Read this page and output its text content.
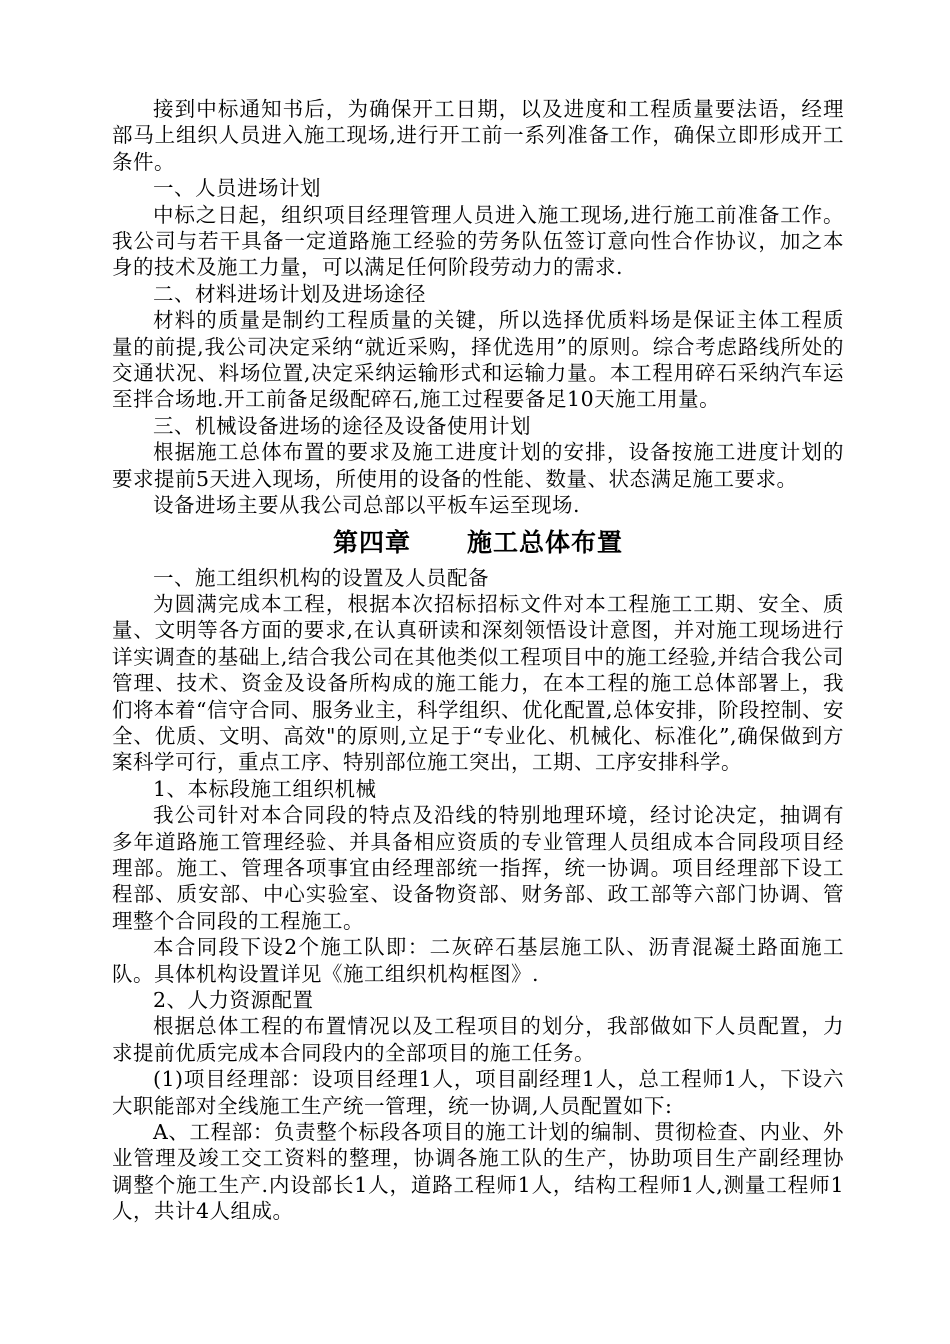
接到中标通知书后，为确保开工日期，以及进度和工程质量要法语，经理部马上组织人员进入施工现场,进行开工前一系列准备工作，确保立即形成开工条件。

一、人员进场计划

中标之日起，组织项目经理管理人员进入施工现场,进行施工前准备工作。我公司与若干具备一定道路施工经验的劳务队伍签订意向性合作协议，加之本身的技术及施工力量，可以满足任何阶段劳动力的需求.

二、材料进场计划及进场途径

材料的质量是制约工程质量的关键，所以选择优质料场是保证主体工程质量的前提,我公司决定采纳“就近采购，择优选用”的原则。综合考虑路线所处的交通状况、料场位置,决定采纳运输形式和运输力量。本工程用碎石采纳汽车运至拌合场地.开工前备足级配碎石,施工过程要备足10天施工用量。

三、机械设备进场的途径及设备使用计划

根据施工总体布置的要求及施工进度计划的安排，设备按施工进度计划的要求提前5天进入现场，所使用的设备的性能、数量、状态满足施工要求。

设备进场主要从我公司总部以平板车运至现场.

第四章 施工总体布置

一、施工组织机构的设置及人员配备

为圆满完成本工程，根据本次招标招标文件对本工程施工工期、安全、质量、文明等各方面的要求,在认真研读和深刻领悟设计意图，并对施工现场进行详实调查的基础上,结合我公司在其他类似工程项目中的施工经验,并结合我公司管理、技术、资金及设备所构成的施工能力，在本工程的施工总体部署上，我们将本着“信守合同、服务业主，科学组织、优化配置,总体安排，阶段控制、安全、优质、文明、高效"的原则,立足于“专业化、机械化、标准化”,确保做到方案科学可行，重点工序、特别部位施工突出，工期、工序安排科学。

1、本标段施工组织机械

我公司针对本合同段的特点及沿线的特别地理环境，经讨论决定，抽调有多年道路施工管理经验、并具备相应资质的专业管理人员组成本合同段项目经理部。施工、管理各项事宜由经理部统一指挥，统一协调。项目经理部下设工程部、质安部、中心实验室、设备物资部、财务部、政工部等六部门协调、管理整个合同段的工程施工。

本合同段下设2个施工队即：二灰碎石基层施工队、沥青混凝土路面施工队。具体机构设置详见《施工组织机构框图》.

2、人力资源配置

根据总体工程的布置情况以及工程项目的划分，我部做如下人员配置，力求提前优质完成本合同段内的全部项目的施工任务。

(1)项目经理部：设项目经理1人，项目副经理1人，总工程师1人，下设六大职能部对全线施工生产统一管理，统一协调,人员配置如下:

A、工程部：负责整个标段各项目的施工计划的编制、贯彻检查、内业、外业管理及竣工交工资料的整理，协调各施工队的生产，协助项目生产副经理协调整个施工生产.内设部长1人，道路工程师1人，结构工程师1人,测量工程师1人，共计4人组成。
